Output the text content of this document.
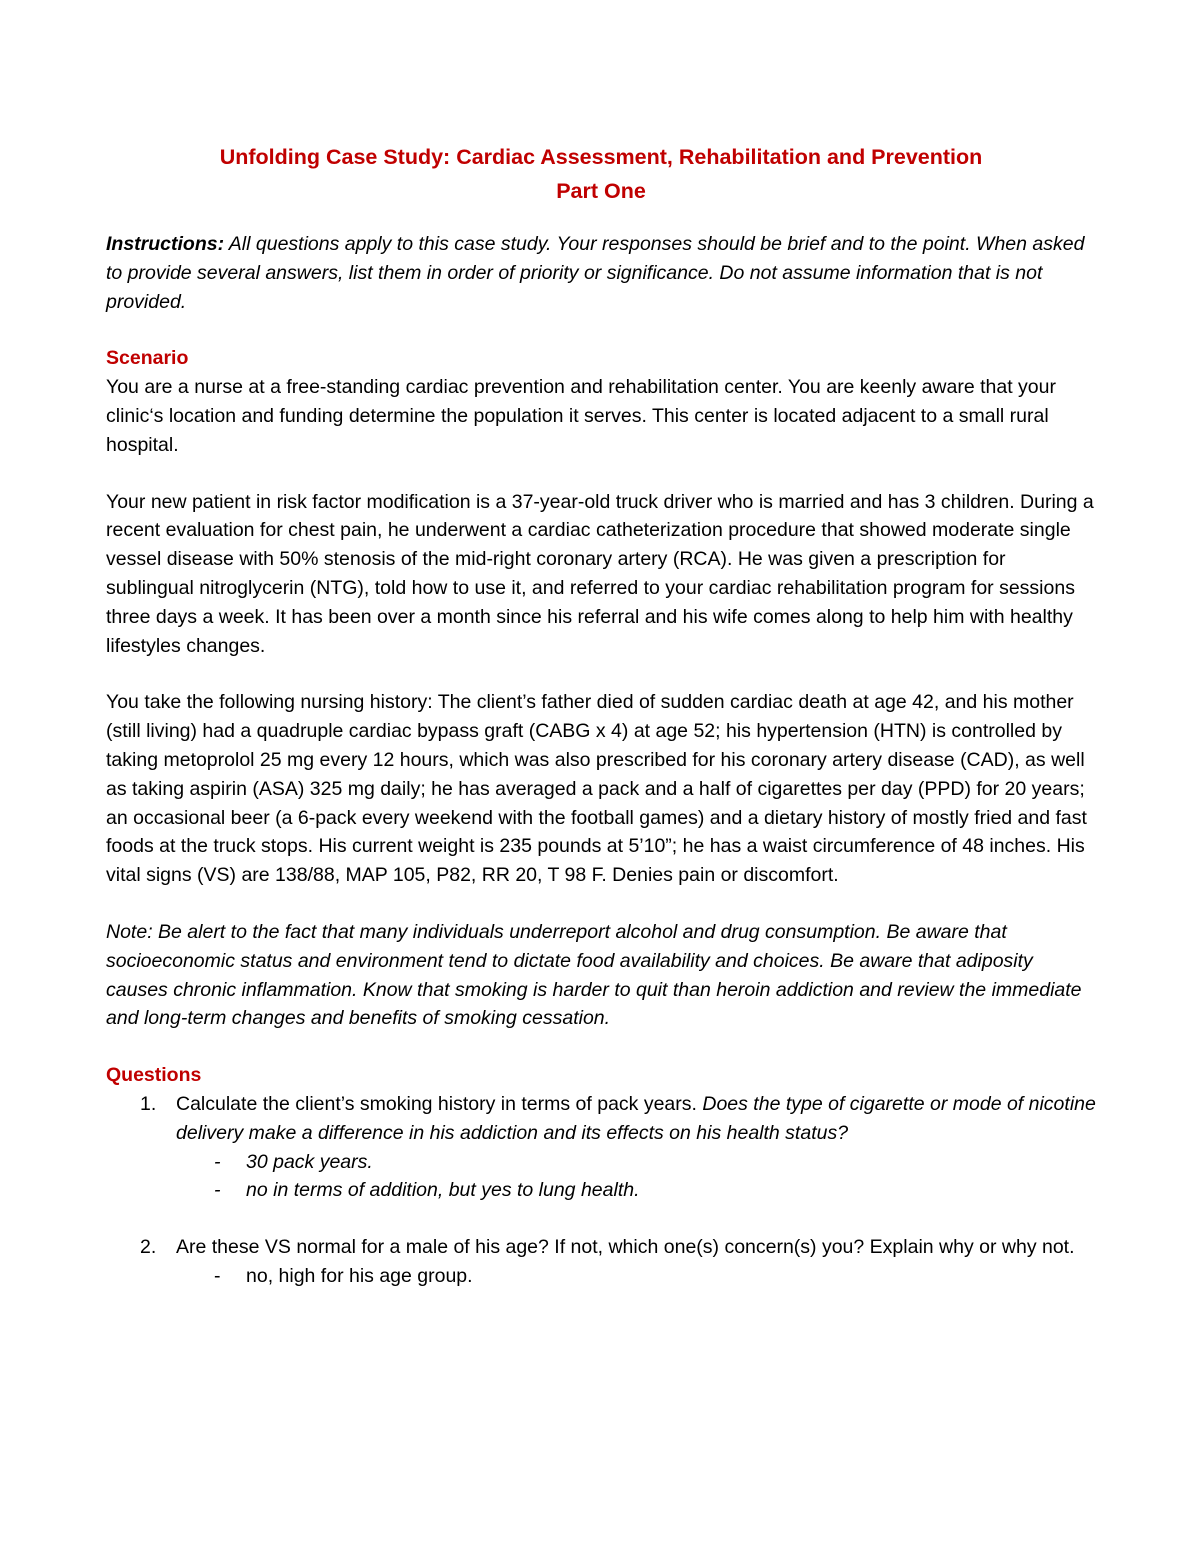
Unfolding Case Study: Cardiac Assessment, Rehabilitation and Prevention

Part One

Instructions: All questions apply to this case study. Your responses should be brief and to the point. When asked to provide several answers, list them in order of priority or significance. Do not assume information that is not provided.

Scenario

You are a nurse at a free-standing cardiac prevention and rehabilitation center. You are keenly aware that your clinic‘s location and funding determine the population it serves. This center is located adjacent to a small rural hospital.

Your new patient in risk factor modification is a 37-year-old truck driver who is married and has 3 children. During a recent evaluation for chest pain, he underwent a cardiac catheterization procedure that showed moderate single vessel disease with 50% stenosis of the mid-right coronary artery (RCA). He was given a prescription for sublingual nitroglycerin (NTG), told how to use it, and referred to your cardiac rehabilitation program for sessions three days a week. It has been over a month since his referral and his wife comes along to help him with healthy lifestyles changes.

You take the following nursing history: The client’s father died of sudden cardiac death at age 42, and his mother (still living) had a quadruple cardiac bypass graft (CABG x 4) at age 52; his hypertension (HTN) is controlled by taking metoprolol 25 mg every 12 hours, which was also prescribed for his coronary artery disease (CAD), as well as taking aspirin (ASA) 325 mg daily; he has averaged a pack and a half of cigarettes per day (PPD) for 20 years; an occasional beer (a 6-pack every weekend with the football games) and a dietary history of mostly fried and fast foods at the truck stops. His current weight is 235 pounds at 5’10”; he has a waist circumference of 48 inches. His vital signs (VS) are 138/88, MAP 105, P82, RR 20, T 98 F. Denies pain or discomfort.

Note: Be alert to the fact that many individuals underreport alcohol and drug consumption. Be aware that socioeconomic status and environment tend to dictate food availability and choices. Be aware that adiposity causes chronic inflammation. Know that smoking is harder to quit than heroin addiction and review the immediate and long-term changes and benefits of smoking cessation.

Questions

1. Calculate the client’s smoking history in terms of pack years. Does the type of cigarette or mode of nicotine delivery make a difference in his addiction and its effects on his health status?
- 30 pack years.
- no in terms of addition, but yes to lung health.
2. Are these VS normal for a male of his age? If not, which one(s) concern(s) you? Explain why or why not.
- no, high for his age group.
